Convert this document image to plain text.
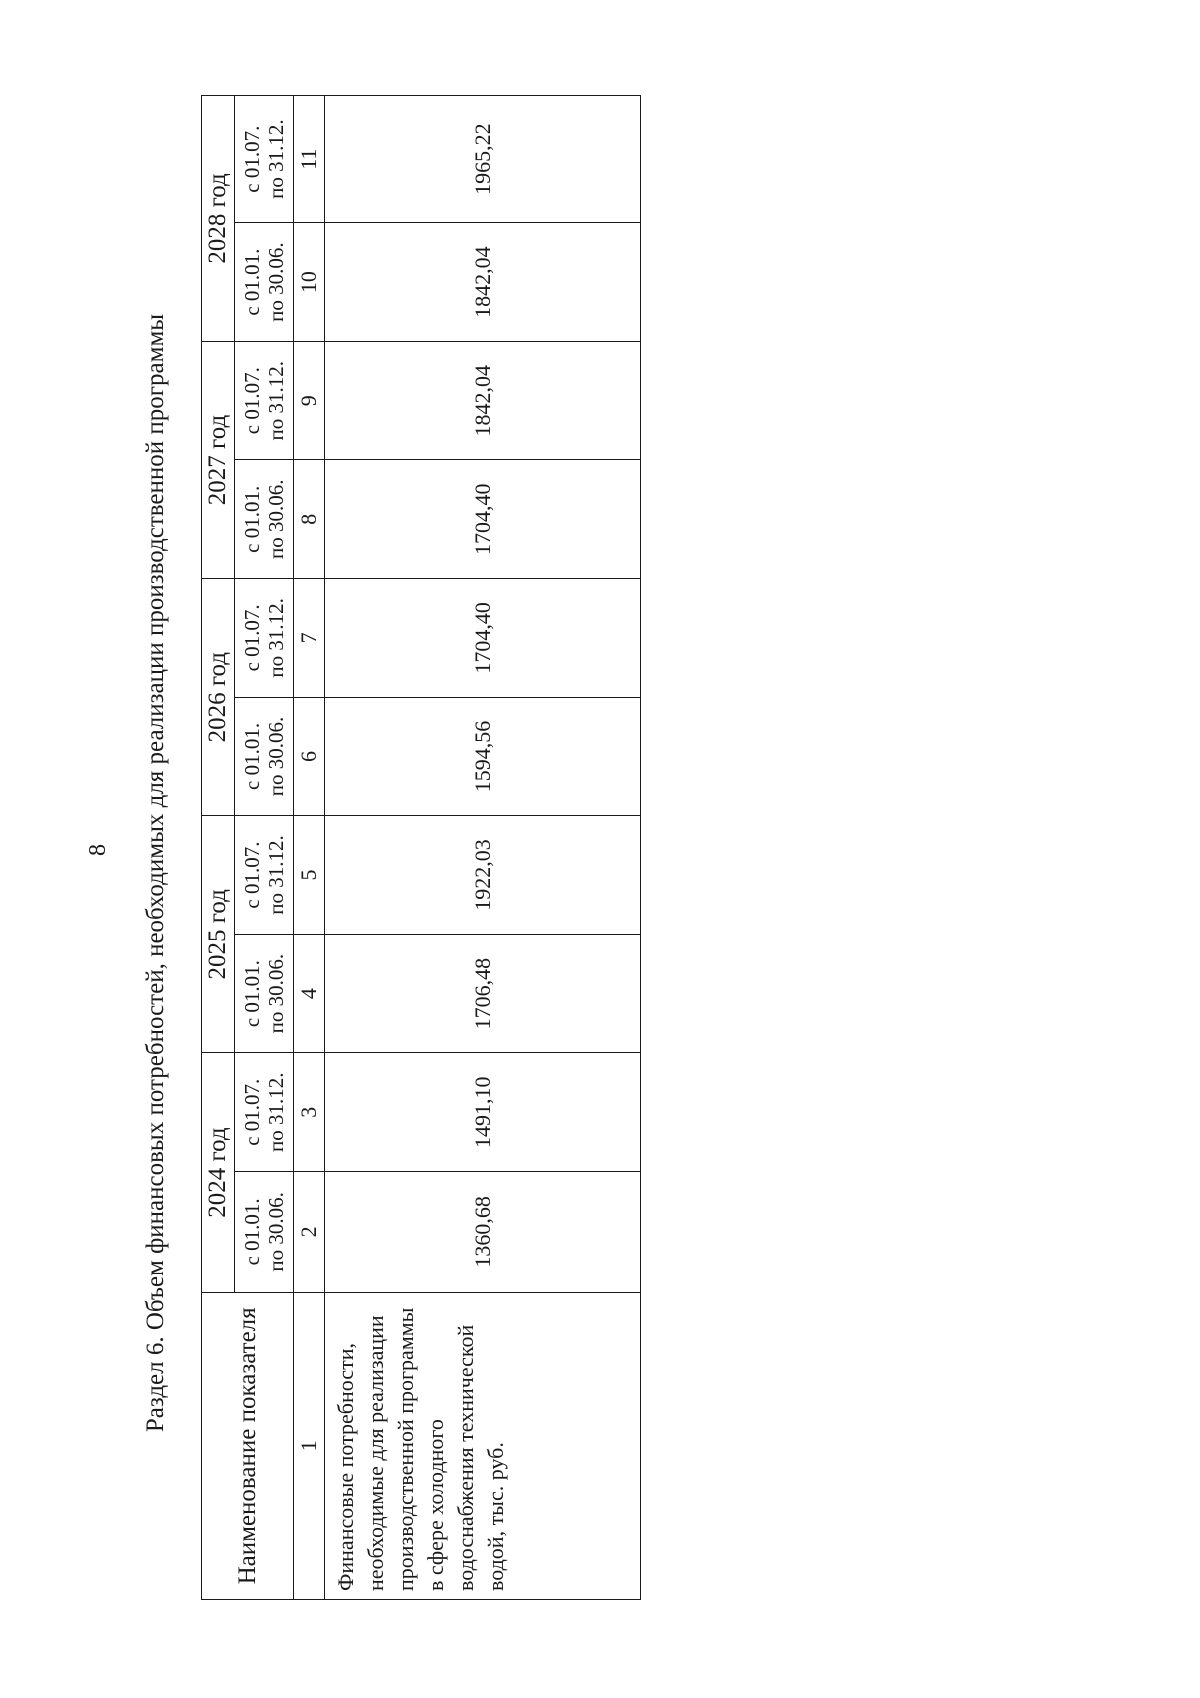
8 Раздел 6. Объем финансовых потребностей, необходимых для реализации производственной программы
Наименование показателя	2024 год		2025 год		2026 год		2027 год		2028 год	

	с 01.01. по 30.06.	с 01.07. по 31.12.	с 01.01. по 30.06.	с 01.07. по 31.12.	с 01.01. по 30.06.	с 01.07. по 31.12.	с 01.01. по 30.06.	с 01.07. по 31.12.	с 01.01. по 30.06.	с 01.07. по 31.12.

1	2	3	4	5	6	7	8	9	10	11
Финансовые потребности, необходимые для реализации производственной программы в сфере холодного водоснабжения технической водой, тыс. руб.	1360,68	1491,10	1706,48	1922,03	1594,56	1704,40	1704,40	1842,04	1842,04	1965,22
